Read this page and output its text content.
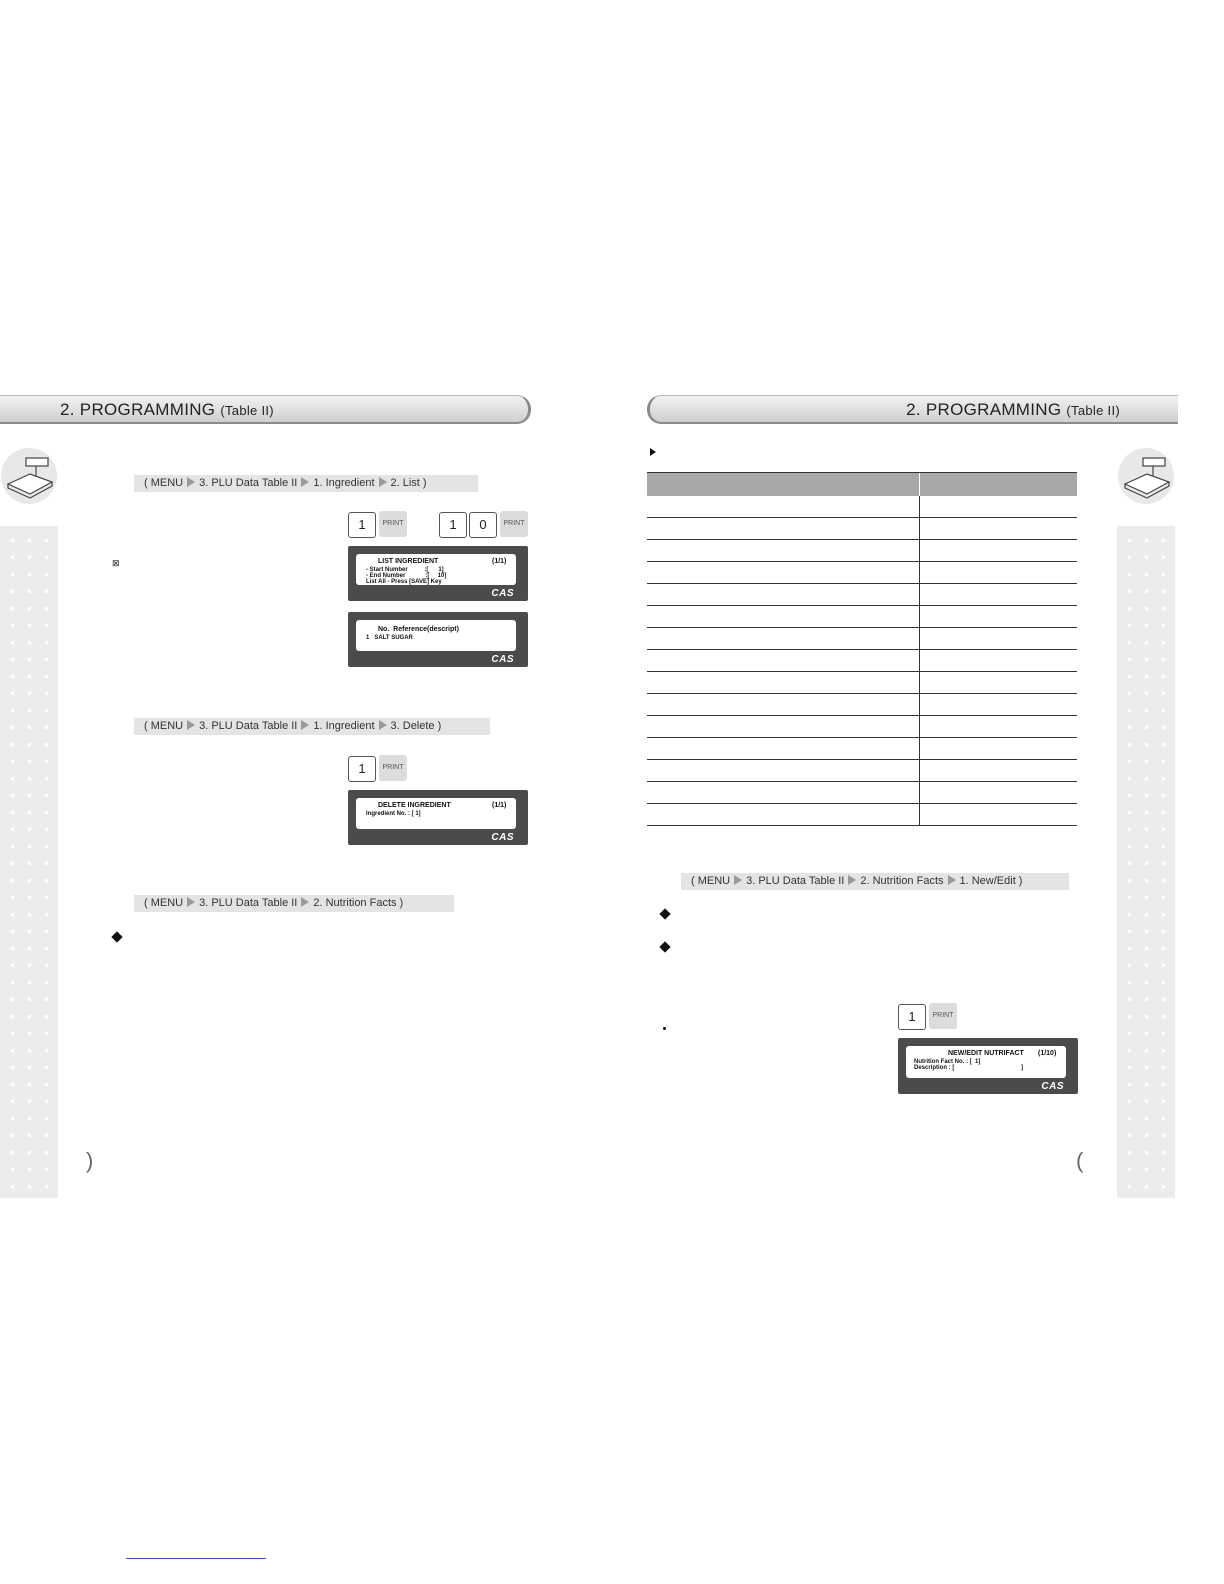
2. PROGRAMMING (Table II)
( MENU 3. PLU Data Table II 1. Ingredient 2. List )
1	PRINT	1	0	PRINT
⊠	LIST INGREDIENT	(1/1)
- Start Number          :[      1]
- End Number            :[     10]
List All - Press [SAVE] Key
CAS
No.  Reference(descript)
1   SALT SUGAR
CAS
( MENU 3. PLU Data Table II 1. Ingredient 3. Delete )
1	PRINT
DELETE INGREDIENT	(1/1)
Ingredient No. : [ 1]
CAS
( MENU 3. PLU Data Table II 2. Nutrition Facts )
)
2. PROGRAMMING (Table II)
( MENU 3. PLU Data Table II 2. Nutrition Facts 1. New/Edit )
1	PRINT
NEW/EDIT NUTRIFACT (1/10)
Nutrition Fact No. : [  1]
Description : [                                        ]
CAS
(
